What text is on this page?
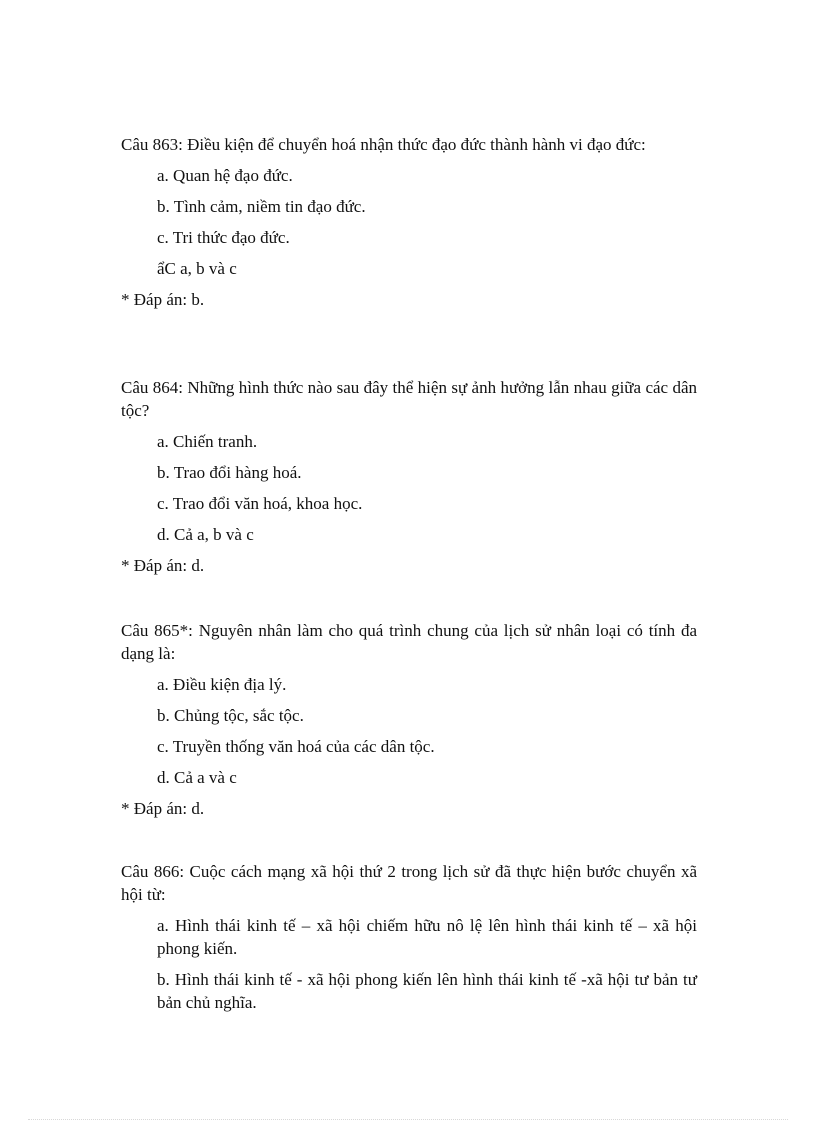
Câu 863: Điều kiện để chuyển hoá nhận thức đạo đức thành hành vi đạo đức:

a. Quan hệ đạo đức.

b. Tình cảm, niềm tin đạo đức.

c. Tri thức đạo đức.

ẩC a, b và c

* Đáp án: b.

Câu 864: Những hình thức nào sau đây thể hiện sự ảnh hưởng lẫn nhau giữa các dân tộc?

a. Chiến tranh.

b. Trao đổi hàng hoá.

c. Trao đổi văn hoá, khoa học.

d. Cả a, b và c

* Đáp án: d.

Câu 865*: Nguyên nhân làm cho quá trình chung của lịch sử nhân loại có tính đa dạng là:

a. Điều kiện địa lý.

b. Chủng tộc, sắc tộc.

c. Truyền thống văn hoá của các dân tộc.

d. Cả a và c

* Đáp án: d.

Câu 866: Cuộc cách mạng xã hội thứ 2 trong lịch sử đã thực hiện bước chuyển xã hội từ:

a. Hình thái kinh tế – xã hội chiếm hữu nô lệ lên hình thái kinh tế – xã hội phong kiến.

b. Hình thái kinh tế - xã hội phong kiến lên hình thái kinh tế -xã hội tư bản tư bản chủ nghĩa.
